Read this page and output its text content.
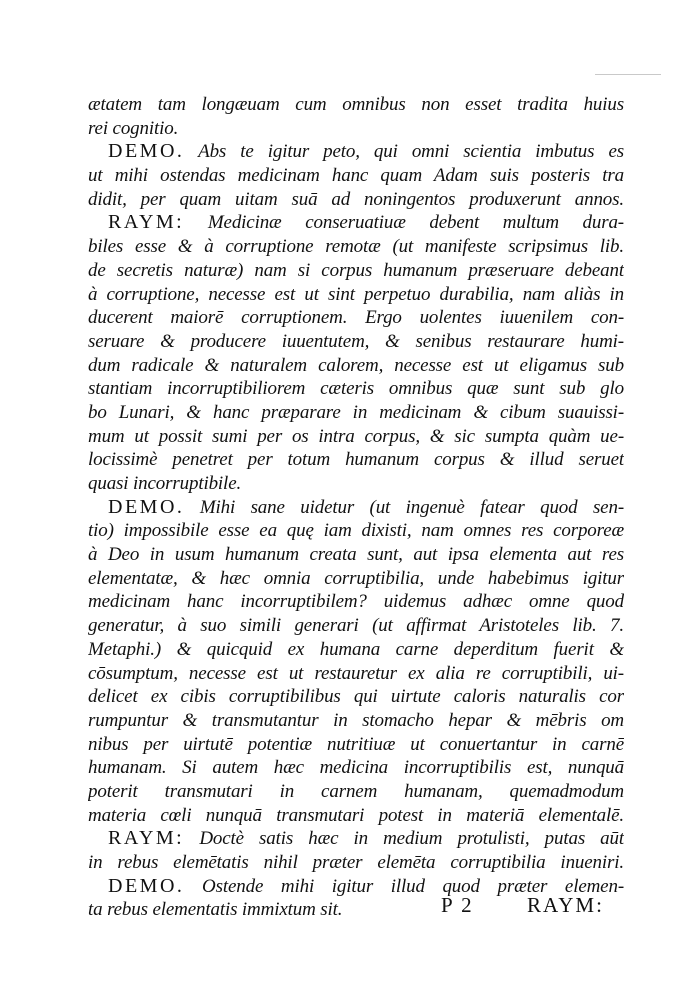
ætatem tam longæuam cum omnibus non esset tradita huius
rei cognitio.
DEMO. Abs te igitur peto, qui omni scientia imbutus es
ut mihi ostendas medicinam hanc quam Adam suis posteris tra
didit, per quam uitam suā ad noningentos produxerunt annos.
RAYM: Medicinæ conseruatiuæ debent multum dura-
biles esse & à corruptione remotæ (ut manifeste scripsimus lib.
de secretis naturæ) nam si corpus humanum præseruare debeant
à corruptione, necesse est ut sint perpetuo durabilia, nam aliàs in
ducerent maiorē corruptionem. Ergo uolentes iuuenilem con-
seruare & producere iuuentutem, & senibus restaurare humi-
dum radicale & naturalem calorem, necesse est ut eligamus sub
stantiam incorruptibiliorem cæteris omnibus quæ sunt sub glo
bo Lunari, & hanc præparare in medicinam & cibum suauissi-
mum ut possit sumi per os intra corpus, & sic sumpta quàm ue-
locissimè penetret per totum humanum corpus & illud seruet
quasi incorruptibile.
DEMO. Mihi sane uidetur (ut ingenuè fatear quod sen-
tio) impossibile esse ea quę iam dixisti, nam omnes res corporeæ
à Deo in usum humanum creata sunt, aut ipsa elementa aut res
elementatæ, & hæc omnia corruptibilia, unde habebimus igitur
medicinam hanc incorruptibilem? uidemus adhæc omne quod
generatur, à suo simili generari (ut affirmat Aristoteles lib. 7.
Metaphi.) & quicquid ex humana carne deperditum fuerit &
cōsumptum, necesse est ut restauretur ex alia re corruptibili, ui-
delicet ex cibis corruptibilibus qui uirtute caloris naturalis cor
rumpuntur & transmutantur in stomacho hepar & mēbris om
nibus per uirtutē potentiæ nutritiuæ ut conuertantur in carnē
humanam. Si autem hæc medicina incorruptibilis est, nunquā
poterit transmutari in carnem humanam, quemadmodum
materia cœli nunquā transmutari potest in materiā elementalē.
RAYM: Doctè satis hæc in medium protulisti, putas aūt
in rebus elemētatis nihil præter elemēta corruptibilia inueniri.
DEMO. Ostende mihi igitur illud quod præter elemen-
ta rebus elementatis immixtum sit.	P 2	RAYM:
